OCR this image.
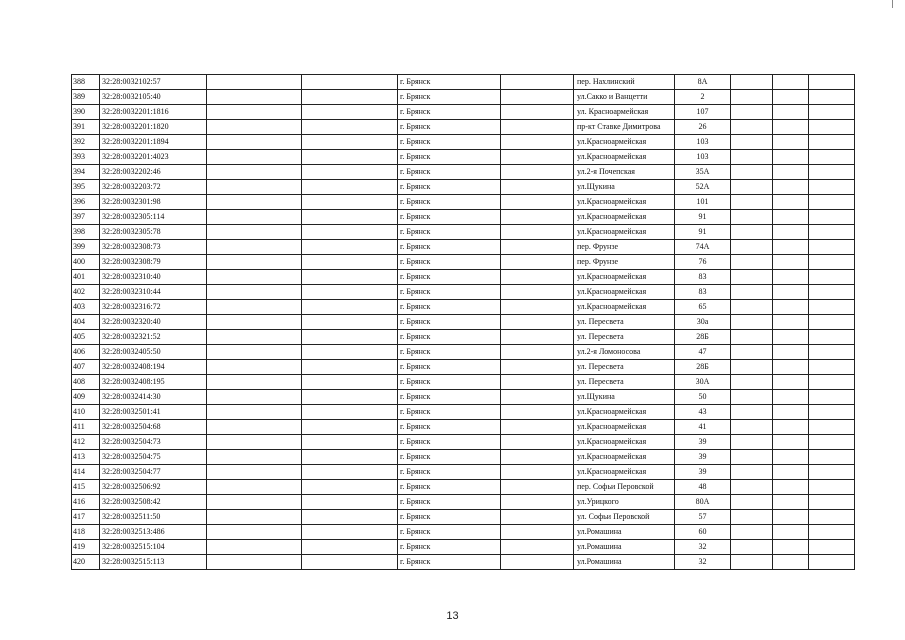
388	32:28:0032102:57			г. Брянск		пер. Нахлинский	8А			
389	32:28:0032105:40			г. Брянск		ул.Сакко и Ванцетти	2			
390	32:28:0032201:1816			г. Брянск		ул. Красноармейская	107			
391	32:28:0032201:1820			г. Брянск		пр-кт Ставке Димитрова	26			
392	32:28:0032201:1894			г. Брянск		ул.Красноармейская	103			
393	32:28:0032201:4023			г. Брянск		ул.Красноармейская	103			
394	32:28:0032202:46			г. Брянск		ул.2-я Почепская	35А			
395	32:28:0032203:72			г. Брянск		ул.Щукина	52А			
396	32:28:0032301:98			г. Брянск		ул.Красноармейская	101			
397	32:28:0032305:114			г. Брянск		ул.Красноармейская	91			
398	32:28:0032305:78			г. Брянск		ул.Красноармейская	91			
399	32:28:0032308:73			г. Брянск		пер. Фрунзе	74А			
400	32:28:0032308:79			г. Брянск		пер. Фрунзе	76			
401	32:28:0032310:40			г. Брянск		ул.Красноармейская	83			
402	32:28:0032310:44			г. Брянск		ул.Красноармейская	83			
403	32:28:0032316:72			г. Брянск		ул.Красноармейская	65			
404	32:28:0032320:40			г. Брянск		ул. Пересвета	30а			
405	32:28:0032321:52			г. Брянск		ул. Пересвета	28Б			
406	32:28:0032405:50			г. Брянск		ул.2-я Ломоносова	47			
407	32:28:0032408:194			г. Брянск		ул. Пересвета	28Б			
408	32:28:0032408:195			г. Брянск		ул. Пересвета	30А			
409	32:28:0032414:30			г. Брянск		ул.Щукина	50			
410	32:28:0032501:41			г. Брянск		ул.Красноармейская	43			
411	32:28:0032504:68			г. Брянск		ул.Красноармейская	41			
412	32:28:0032504:73			г. Брянск		ул.Красноармейская	39			
413	32:28:0032504:75			г. Брянск		ул.Красноармейская	39			
414	32:28:0032504:77			г. Брянск		ул.Красноармейская	39			
415	32:28:0032506:92			г. Брянск		пер. Софьи Перовской	48			
416	32:28:0032508:42			г. Брянск		ул.Урицкого	80А			
417	32:28:0032511:50			г. Брянск		ул. Софьи Перовской	57			
418	32:28:0032513:486			г. Брянск		ул.Ромашина	60			
419	32:28:0032515:104			г. Брянск		ул.Ромашина	32			
420	32:28:0032515:113			г. Брянск		ул.Ромашина	32			
13
